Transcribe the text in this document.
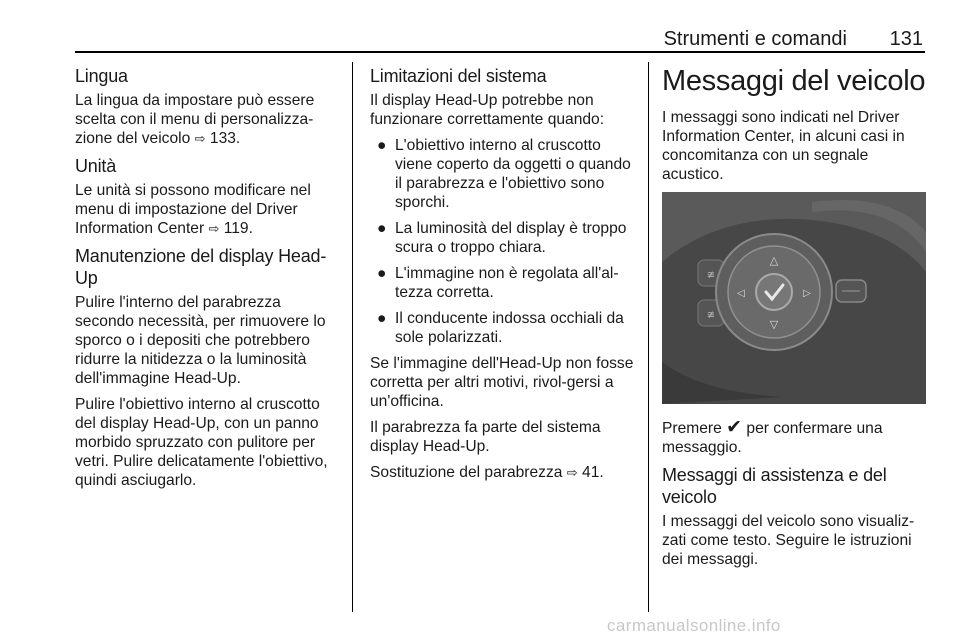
Strumenti e comandi 131
Lingua

La lingua da impostare può essere scelta con il menu di personalizza-zione del veicolo ⇨ 133.

Unità

Le unità si possono modificare nel menu di impostazione del Driver Information Center ⇨ 119.

Manutenzione del display Head-Up

Pulire l'interno del parabrezza secondo necessità, per rimuovere lo sporco o i depositi che potrebbero ridurre la nitidezza o la luminosità dell'immagine Head-Up.

Pulire l'obiettivo interno al cruscotto del display Head-Up, con un panno morbido spruzzato con pulitore per vetri. Pulire delicatamente l'obiettivo, quindi asciugarlo.

Limitazioni del sistema

Il display Head-Up potrebbe non funzionare correttamente quando:

● L'obiettivo interno al cruscotto viene coperto da oggetti o quando il parabrezza e l'obiettivo sono sporchi.
● La luminosità del display è troppo scura o troppo chiara.
● L'immagine non è regolata all'al-tezza corretta.
● Il conducente indossa occhiali da sole polarizzati.

Se l'immagine dell'Head-Up non fosse corretta per altri motivi, rivol-gersi a un'officina.

Il parabrezza fa parte del sistema display Head-Up.

Sostituzione del parabrezza ⇨ 41.

Messaggi del veicolo

I messaggi sono indicati nel Driver Information Center, in alcuni casi in concomitanza con un segnale acustico.

≇
≇
△
▽
◁	▷

Premere ✔ per confermare una messaggio.

Messaggi di assistenza e del veicolo

I messaggi del veicolo sono visualiz-zati come testo. Seguire le istruzioni dei messaggi.

carmanualsonline.info
